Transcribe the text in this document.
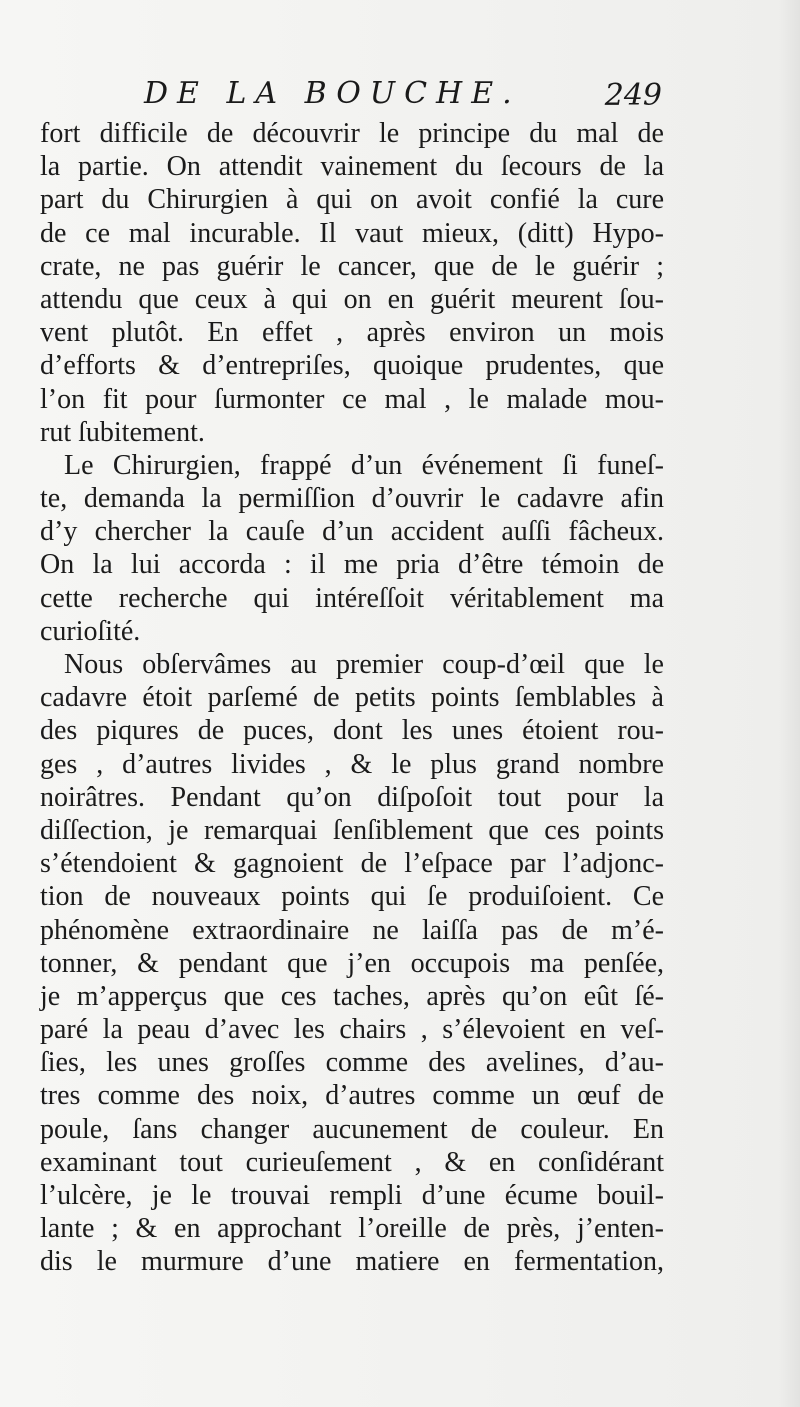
DE LA BOUCHE.	249
fort difficile de découvrir le principe du mal de
la partie. On attendit vainement du ſecours de la
part du Chirurgien à qui on avoit confié la cure
de ce mal incurable. Il vaut mieux, (ditt) Hypo-
crate, ne pas guérir le cancer, que de le guérir ;
attendu que ceux à qui on en guérit meurent ſou-
vent plutôt. En effet , après environ un mois
d’efforts & d’entrepriſes, quoique prudentes, que
l’on fit pour ſurmonter ce mal , le malade mou-
rut ſubitement.
Le Chirurgien, frappé d’un événement ſi funeſ-
te, demanda la permiſſion d’ouvrir le cadavre afin
d’y chercher la cauſe d’un accident auſſi fâcheux.
On la lui accorda : il me pria d’être témoin de
cette recherche qui intéreſſoit véritablement ma
curioſité.
Nous obſervâmes au premier coup-d’œil que le
cadavre étoit parſemé de petits points ſemblables à
des piqures de puces, dont les unes étoient rou-
ges , d’autres livides , & le plus grand nombre
noirâtres. Pendant qu’on diſpoſoit tout pour la
diſſection, je remarquai ſenſiblement que ces points
s’étendoient & gagnoient de l’eſpace par l’adjonc-
tion de nouveaux points qui ſe produiſoient. Ce
phénomène extraordinaire ne laiſſa pas de m’é-
tonner, & pendant que j’en occupois ma penſée,
je m’apperçus que ces taches, après qu’on eût ſé-
paré la peau d’avec les chairs , s’élevoient en veſ-
ſies, les unes groſſes comme des avelines, d’au-
tres comme des noix, d’autres comme un œuf de
poule, ſans changer aucunement de couleur. En
examinant tout curieuſement , & en conſidérant
l’ulcère, je le trouvai rempli d’une écume bouil-
lante ; & en approchant l’oreille de près, j’enten-
dis le murmure d’une matiere en fermentation,
